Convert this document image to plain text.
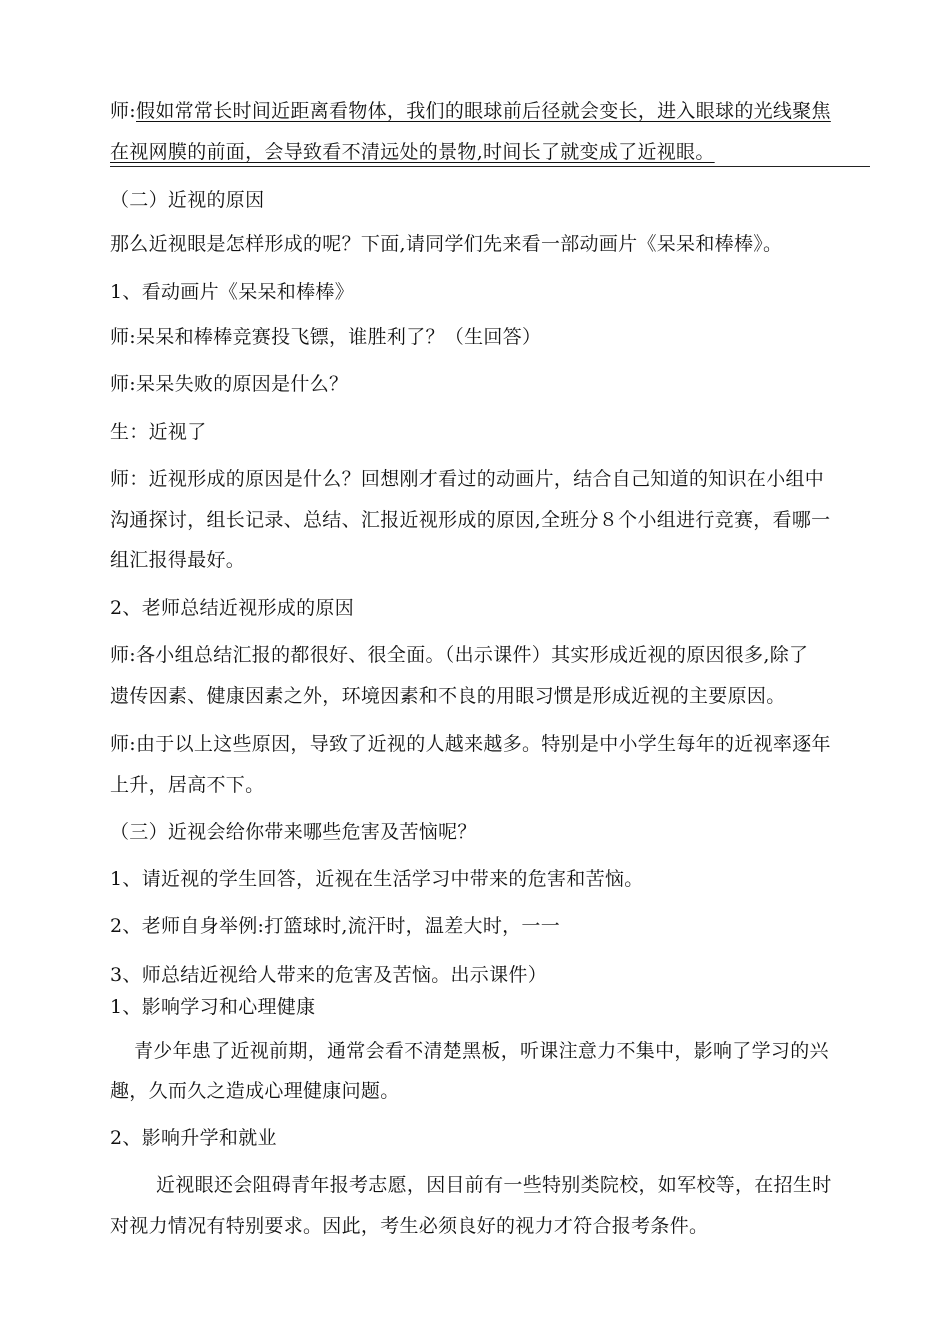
师:假如常常长时间近距离看物体，我们的眼球前后径就会变长，进入眼球的光线聚焦
在视网膜的前面，会导致看不清远处的景物,时间长了就变成了近视眼。
（二）近视的原因
那么近视眼是怎样形成的呢？下面,请同学们先来看一部动画片《呆呆和棒棒》。
1、看动画片《呆呆和棒棒》
师:呆呆和棒棒竞赛投飞镖，谁胜利了？（生回答）
师:呆呆失败的原因是什么？
生：近视了
师：近视形成的原因是什么？回想刚才看过的动画片，结合自己知道的知识在小组中
沟通探讨，组长记录、总结、汇报近视形成的原因,全班分８个小组进行竞赛，看哪一
组汇报得最好。
2、老师总结近视形成的原因
师:各小组总结汇报的都很好、很全面。（出示课件）其实形成近视的原因很多,除了
遗传因素、健康因素之外，环境因素和不良的用眼习惯是形成近视的主要原因。
师:由于以上这些原因，导致了近视的人越来越多。特别是中小学生每年的近视率逐年
上升，居高不下。
（三）近视会给你带来哪些危害及苦恼呢？
1、请近视的学生回答，近视在生活学习中带来的危害和苦恼。
2、老师自身举例:打篮球时,流汗时，温差大时，一一
3、师总结近视给人带来的危害及苦恼。出示课件）
1、影响学习和心理健康
青少年患了近视前期，通常会看不清楚黑板，听课注意力不集中，影响了学习的兴
趣，久而久之造成心理健康问题。
2、影响升学和就业
近视眼还会阻碍青年报考志愿，因目前有一些特别类院校，如军校等，在招生时
对视力情况有特别要求。因此，考生必须良好的视力才符合报考条件。
